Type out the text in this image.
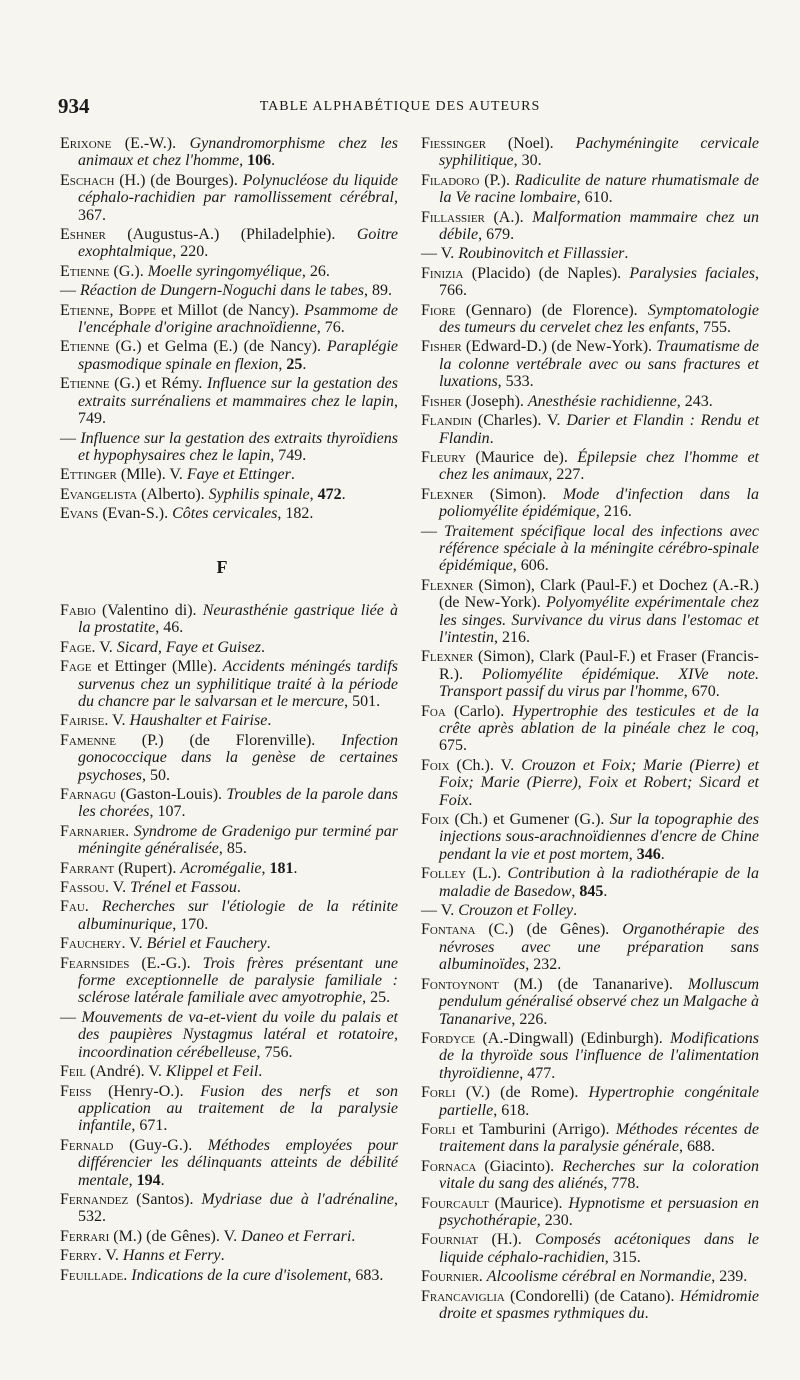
934	TABLE ALPHABÉTIQUE DES AUTEURS

Erixone (E.-W.). Gynandromorphisme chez les animaux et chez l'homme, 106.

Eschach (H.) (de Bourges). Polynucléose du liquide céphalo-rachidien par ramollissement cérébral, 367.

Eshner (Augustus-A.) (Philadelphie). Goitre exophtalmique, 220.

Etienne (G.). Moelle syringomyélique, 26.

— Réaction de Dungern-Noguchi dans le tabes, 89.

Etienne, Boppe et Millot (de Nancy). Psammome de l'encéphale d'origine arachnoïdienne, 76.

Etienne (G.) et Gelma (E.) (de Nancy). Paraplégie spasmodique spinale en flexion, 25.

Etienne (G.) et Rémy. Influence sur la gestation des extraits surrénaliens et mammaires chez le lapin, 749.

— Influence sur la gestation des extraits thyroïdiens et hypophysaires chez le lapin, 749.

Ettinger (Mlle). V. Faye et Ettinger.

Evangelista (Alberto). Syphilis spinale, 472.

Evans (Evan-S.). Côtes cervicales, 182.

F

Fabio (Valentino di). Neurasthénie gastrique liée à la prostatite, 46.

Fage. V. Sicard, Faye et Guisez.

Fage et Ettinger (Mlle). Accidents méningés tardifs survenus chez un syphilitique traité à la période du chancre par le salvarsan et le mercure, 501.

Fairise. V. Haushalter et Fairise.

Famenne (P.) (de Florenville). Infection gonococcique dans la genèse de certaines psychoses, 50.

Farnagu (Gaston-Louis). Troubles de la parole dans les chorées, 107.

Farnarier. Syndrome de Gradenigo pur terminé par méningite généralisée, 85.

Farrant (Rupert). Acromégalie, 181.

Fassou. V. Trénel et Fassou.

Fau. Recherches sur l'étiologie de la rétinite albuminurique, 170.

Fauchery. V. Bériel et Fauchery.

Fearnsides (E.-G.). Trois frères présentant une forme exceptionnelle de paralysie familiale : sclérose latérale familiale avec amyotrophie, 25.

— Mouvements de va-et-vient du voile du palais et des paupières Nystagmus latéral et rotatoire, incoordination cérébelleuse, 756.

Feil (André). V. Klippel et Feil.

Feiss (Henry-O.). Fusion des nerfs et son application au traitement de la paralysie infantile, 671.

Fernald (Guy-G.). Méthodes employées pour différencier les délinquants atteints de débilité mentale, 194.

Fernandez (Santos). Mydriase due à l'adrénaline, 532.

Ferrari (M.) (de Gênes). V. Daneo et Ferrari.

Ferry. V. Hanns et Ferry.

Feuillade. Indications de la cure d'isolement, 683.

Fiessinger (Noel). Pachyméningite cervicale syphilitique, 30.

Filadoro (P.). Radiculite de nature rhumatismale de la Ve racine lombaire, 610.

Fillassier (A.). Malformation mammaire chez un débile, 679.

— V. Roubinovitch et Fillassier.

Finizia (Placido) (de Naples). Paralysies faciales, 766.

Fiore (Gennaro) (de Florence). Symptomatologie des tumeurs du cervelet chez les enfants, 755.

Fisher (Edward-D.) (de New-York). Traumatisme de la colonne vertébrale avec ou sans fractures et luxations, 533.

Fisher (Joseph). Anesthésie rachidienne, 243.

Flandin (Charles). V. Darier et Flandin : Rendu et Flandin.

Fleury (Maurice de). Épilepsie chez l'homme et chez les animaux, 227.

Flexner (Simon). Mode d'infection dans la poliomyélite épidémique, 216.

— Traitement spécifique local des infections avec référence spéciale à la méningite cérébro-spinale épidémique, 606.

Flexner (Simon), Clark (Paul-F.) et Dochez (A.-R.) (de New-York). Polyomyélite expérimentale chez les singes. Survivance du virus dans l'estomac et l'intestin, 216.

Flexner (Simon), Clark (Paul-F.) et Fraser (Francis-R.). Poliomyélite épidémique. XIVe note. Transport passif du virus par l'homme, 670.

Foa (Carlo). Hypertrophie des testicules et de la crête après ablation de la pinéale chez le coq, 675.

Foix (Ch.). V. Crouzon et Foix; Marie (Pierre) et Foix; Marie (Pierre), Foix et Robert; Sicard et Foix.

Foix (Ch.) et Gumener (G.). Sur la topographie des injections sous-arachnoïdiennes d'encre de Chine pendant la vie et post mortem, 346.

Folley (L.). Contribution à la radiothérapie de la maladie de Basedow, 845.

— V. Crouzon et Folley.

Fontana (C.) (de Gênes). Organothérapie des névroses avec une préparation sans albuminoïdes, 232.

Fontoynont (M.) (de Tananarive). Molluscum pendulum généralisé observé chez un Malgache à Tananarive, 226.

Fordyce (A.-Dingwall) (Edinburgh). Modifications de la thyroïde sous l'influence de l'alimentation thyroïdienne, 477.

Forli (V.) (de Rome). Hypertrophie congénitale partielle, 618.

Forli et Tamburini (Arrigo). Méthodes récentes de traitement dans la paralysie générale, 688.

Fornaca (Giacinto). Recherches sur la coloration vitale du sang des aliénés, 778.

Fourcault (Maurice). Hypnotisme et persuasion en psychothérapie, 230.

Fourniat (H.). Composés acétoniques dans le liquide céphalo-rachidien, 315.

Fournier. Alcoolisme cérébral en Normandie, 239.

Francaviglia (Condorelli) (de Catano). Hémidromie droite et spasmes rythmiques du.
